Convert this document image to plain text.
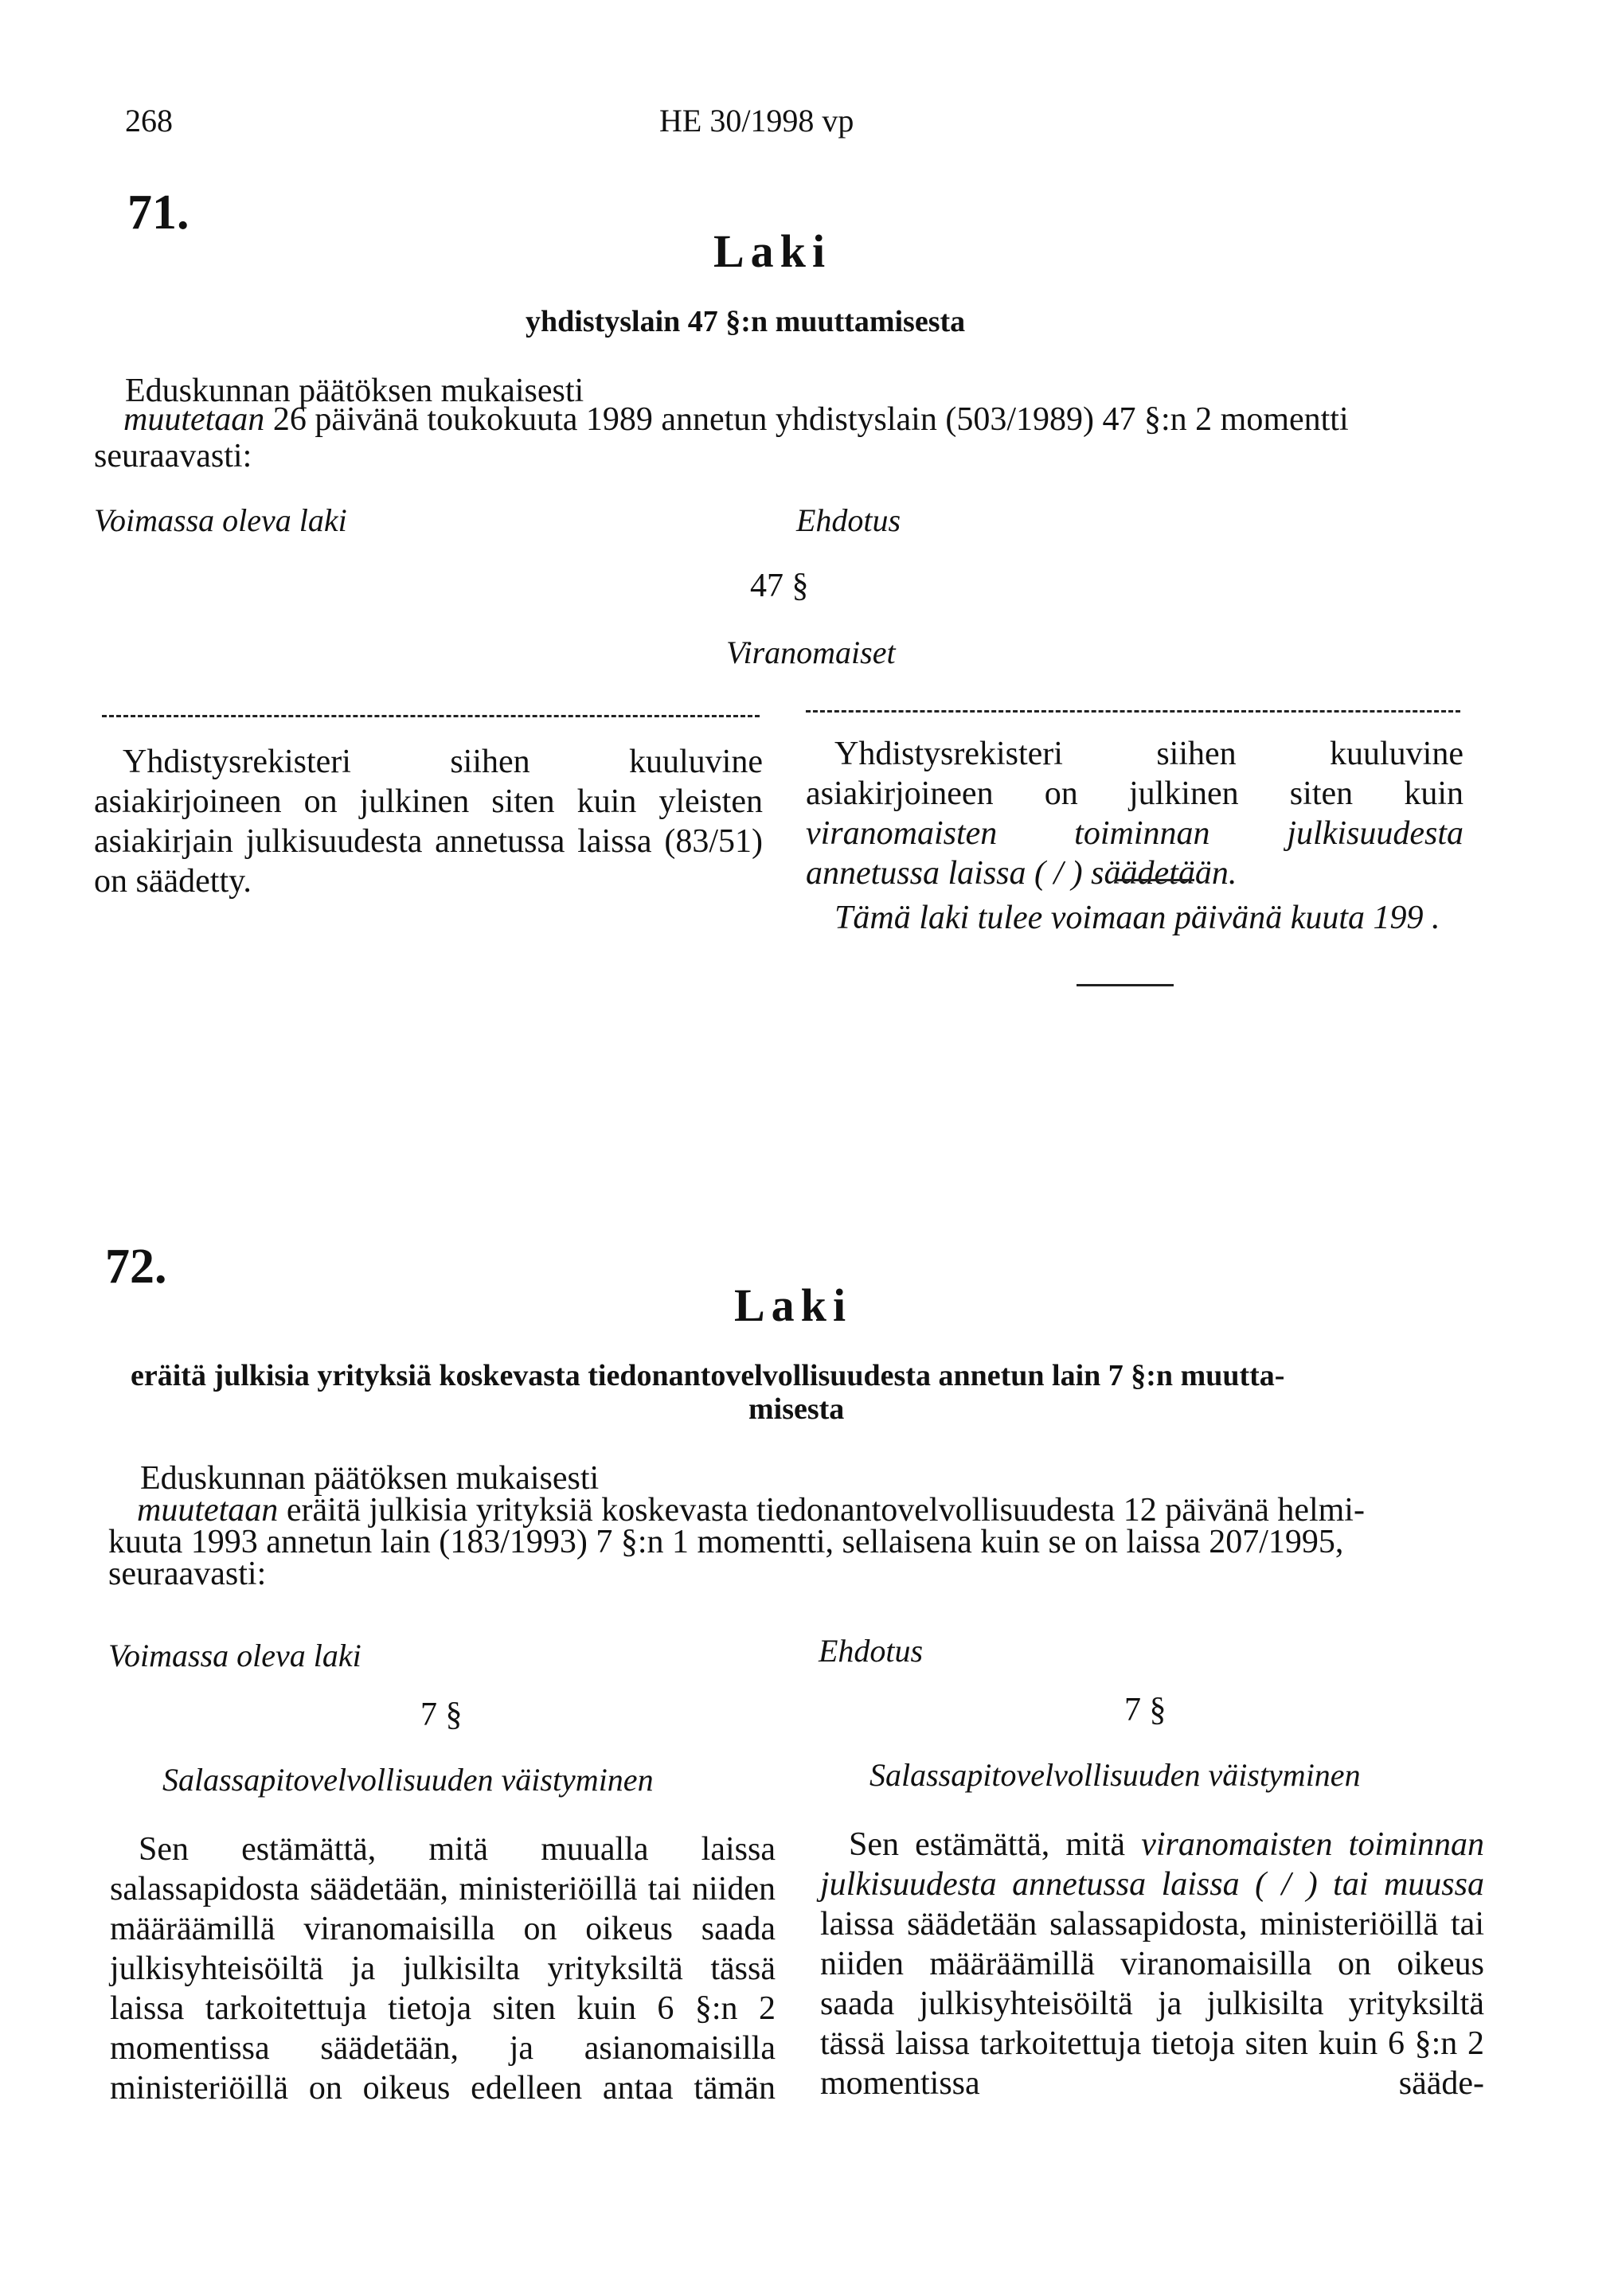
268	HE 30/1998 vp
71.
Laki
yhdistyslain 47 §:n muuttamisesta
Eduskunnan päätöksen mukaisesti
muutetaan 26 päivänä toukokuuta 1989 annetun yhdistyslain (503/1989) 47 §:n 2 momentti
seuraavasti:
Voimassa oleva laki	Ehdotus
47 §
Viranomaiset

Yhdistysrekisteri siihen kuuluvine asiakirjoineen on julkinen siten kuin yleisten asiakirjain julkisuudesta annetussa laissa (83/51) on säädetty.

Yhdistysrekisteri siihen kuuluvine asiakirjoineen on julkinen siten kuin viranomaisten toiminnan julkisuudesta annetussa laissa ( / ) säädetään.

Tämä laki tulee voimaan päivänä kuuta 199 .

72.
Laki
eräitä julkisia yrityksiä koskevasta tiedonantovelvollisuudesta annetun lain 7 §:n muutta-
misesta
Eduskunnan päätöksen mukaisesti
muutetaan eräitä julkisia yrityksiä koskevasta tiedonantovelvollisuudesta 12 päivänä helmi-
kuuta 1993 annetun lain (183/1993) 7 §:n 1 momentti, sellaisena kuin se on laissa 207/1995,
seuraavasti:
Voimassa oleva laki	Ehdotus
7 §	7 §
Salassapitovelvollisuuden väistyminen	Salassapitovelvollisuuden väistyminen

Sen estämättä, mitä muualla laissa salassapidosta säädetään, ministeriöillä tai niiden määräämillä viranomaisilla on oikeus saada julkisyhteisöiltä ja julkisilta yrityksiltä tässä laissa tarkoitettuja tietoja siten kuin 6 §:n 2 momentissa säädetään, ja asianomaisilla ministeriöillä on oikeus edelleen antaa tämän

Sen estämättä, mitä viranomaisten toiminnan julkisuudesta annetussa laissa ( / ) tai muussa laissa säädetään salassapidosta, ministeriöillä tai niiden määräämillä viranomaisilla on oikeus saada julkisyhteisöiltä ja julkisilta yrityksiltä tässä laissa tarkoitettuja tietoja siten kuin 6 §:n 2 momentissa sääde-
